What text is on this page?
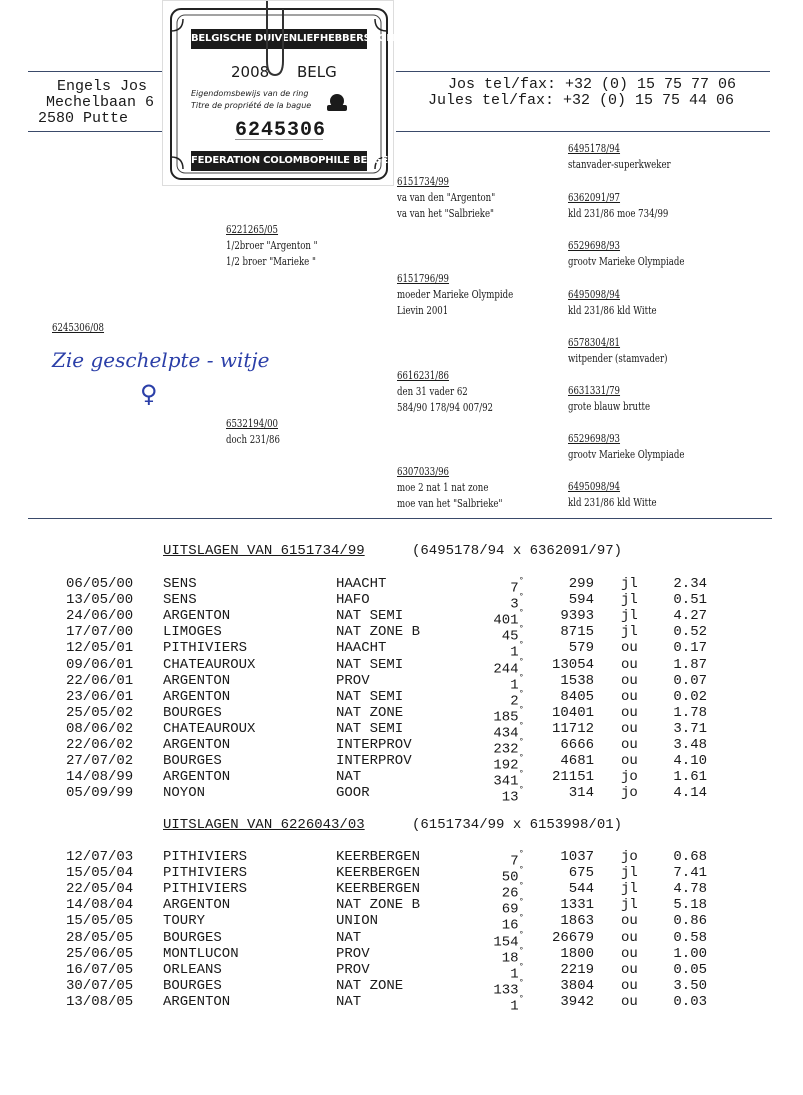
Engels Jos
Mechelbaan 6
2580 Putte
Jos tel/fax: +32 (0) 15 75 77 06
Jules tel/fax: +32 (0) 15 75 44 06
BELGISCHE DUIVENLIEFHEBBERSBOND
2008 BELG
Eigendomsbewijs van de ring
Titre de propriété de la bague
6245306
FEDERATION COLOMBOPHILE BELGE
6245306/08
Zie geschelpte - witje
♀
6221265/05
1/2broer "Argenton "
1/2 broer "Marieke "
6532194/00
doch 231/86
6151734/99
va van den "Argenton"
va van het "Salbrieke"
6151796/99
moeder Marieke Olympide
Lievin 2001
6616231/86
den 31 vader 62
584/90 178/94 007/92
6307033/96
moe 2 nat 1 nat zone
moe van het "Salbrieke"
6495178/94
stanvader-superkweker
6362091/97
kld 231/86 moe 734/99
6529698/93
grootv Marieke Olympiade
6495098/94
kld 231/86 kld Witte
6578304/81
witpender (stamvader)
6631331/79
grote blauw brutte
6529698/93
grootv Marieke Olympiade
6495098/94
kld 231/86 kld Witte
UITSLAGEN VAN 6151734/99	(6495178/94 x 6362091/97)
06/05/00 SENS	HAACHT	7°	299 jl	2.34
13/05/00 SENS	HAFO	3°	594 jl	0.51
24/06/00 ARGENTON	NAT SEMI	401°	9393 jl	4.27
17/07/00 LIMOGES	NAT ZONE B	45°	8715 jl	0.52
12/05/01 PITHIVIERS	HAACHT	1°	579 ou	0.17
09/06/01 CHATEAUROUX	NAT SEMI	244°	13054 ou	1.87
22/06/01 ARGENTON	PROV	1°	1538 ou	0.07
23/06/01 ARGENTON	NAT SEMI	2°	8405 ou	0.02
25/05/02 BOURGES	NAT ZONE	185°	10401 ou	1.78
08/06/02 CHATEAUROUX	NAT SEMI	434°	11712 ou	3.71
22/06/02 ARGENTON	INTERPROV	232°	6666 ou	3.48
27/07/02 BOURGES	INTERPROV	192°	4681 ou	4.10
14/08/99 ARGENTON	NAT	341°	21151 jo	1.61
05/09/99 NOYON	GOOR	13°	314 jo	4.14
UITSLAGEN VAN 6226043/03	(6151734/99 x 6153998/01)
12/07/03 PITHIVIERS	KEERBERGEN	7°	1037 jo	0.68
15/05/04 PITHIVIERS	KEERBERGEN	50°	675 jl	7.41
22/05/04 PITHIVIERS	KEERBERGEN	26°	544 jl	4.78
14/08/04 ARGENTON	NAT ZONE B	69°	1331 jl	5.18
15/05/05 TOURY	UNION	16°	1863 ou	0.86
28/05/05 BOURGES	NAT	154°	26679 ou	0.58
25/06/05 MONTLUCON	PROV	18°	1800 ou	1.00
16/07/05 ORLEANS	PROV	1°	2219 ou	0.05
30/07/05 BOURGES	NAT ZONE	133°	3804 ou	3.50
13/08/05 ARGENTON	NAT	1°	3942 ou	0.03
